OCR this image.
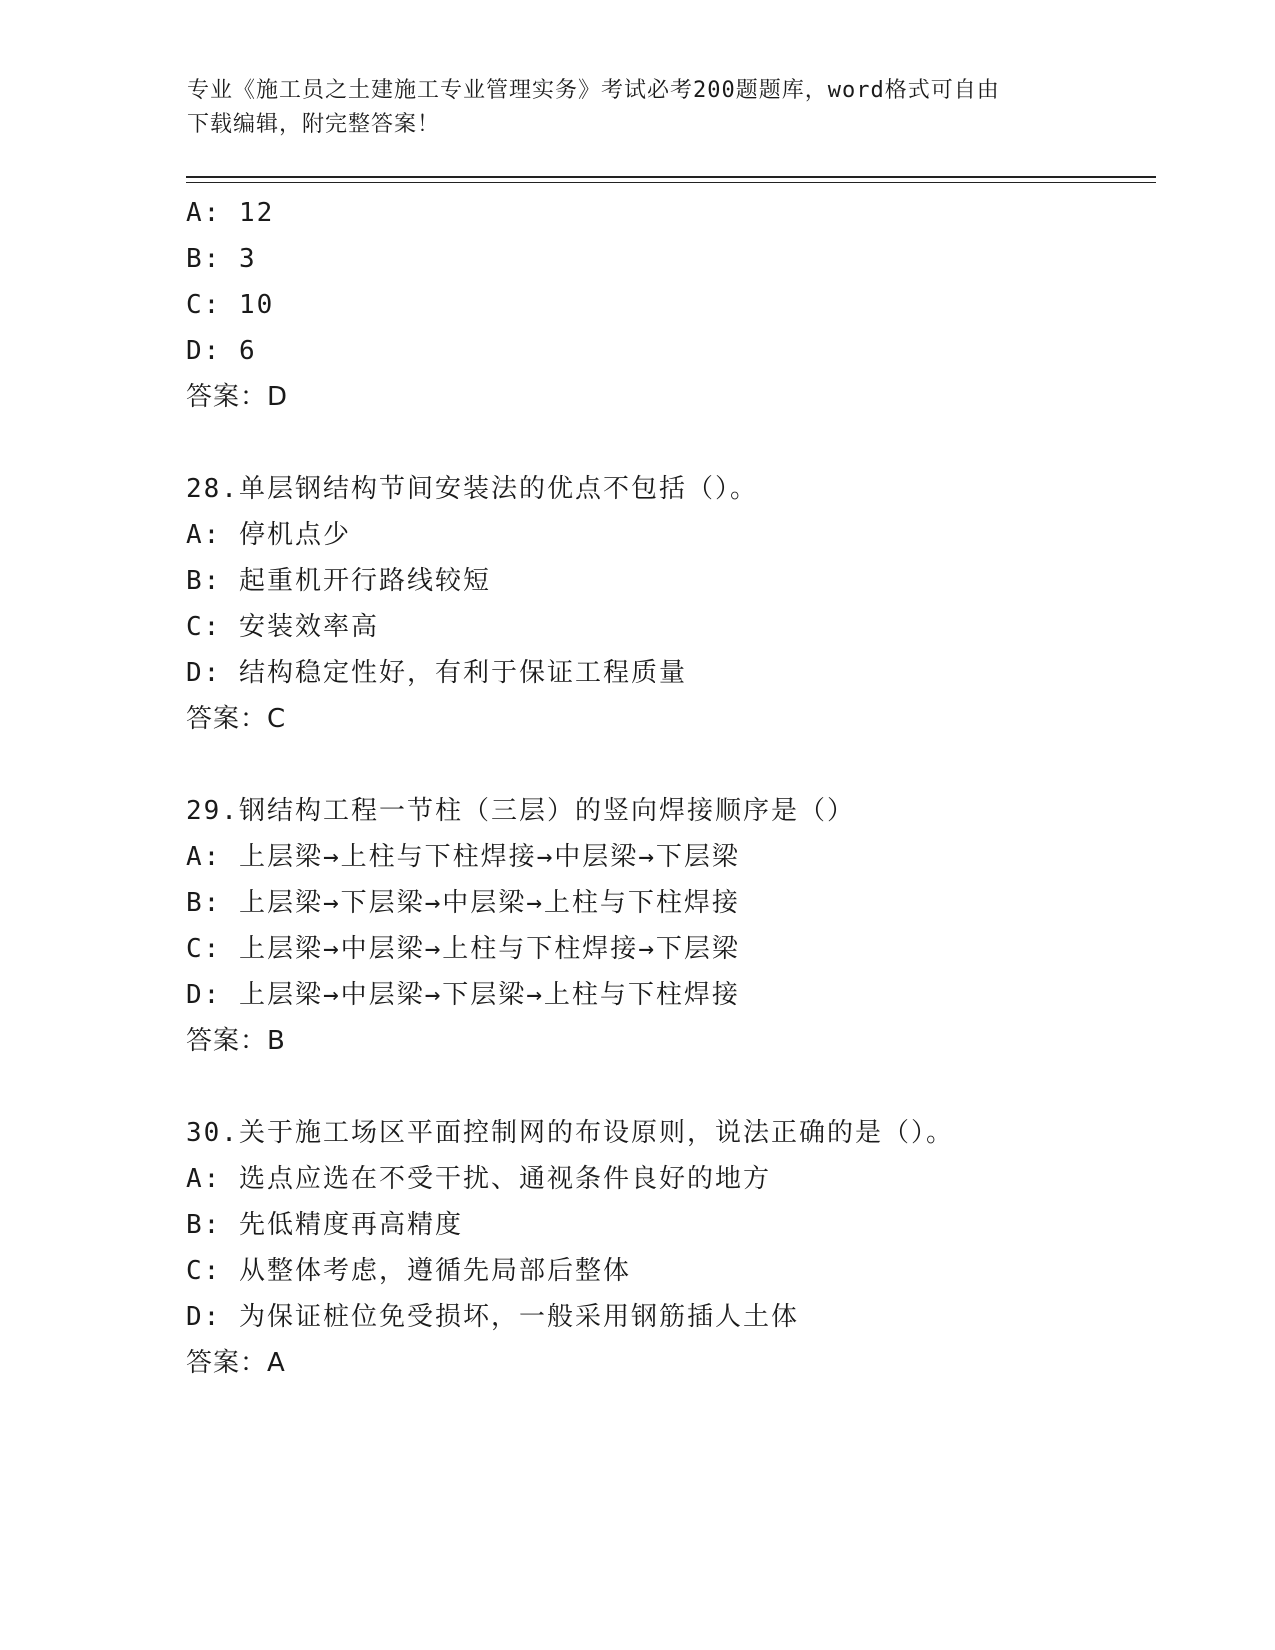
专业《施工员之土建施工专业管理实务》考试必考200题题库，word格式可自由
下载编辑，附完整答案！
A: 12
B: 3
C: 10
D: 6
答案：D
28.单层钢结构节间安装法的优点不包括（）。
A: 停机点少
B: 起重机开行路线较短
C: 安装效率高
D: 结构稳定性好，有利于保证工程质量
答案：C
29.钢结构工程一节柱（三层）的竖向焊接顺序是（）
A: 上层梁→上柱与下柱焊接→中层梁→下层梁
B: 上层梁→下层梁→中层梁→上柱与下柱焊接
C: 上层梁→中层梁→上柱与下柱焊接→下层梁
D: 上层梁→中层梁→下层梁→上柱与下柱焊接
答案：B
30.关于施工场区平面控制网的布设原则，说法正确的是（）。
A: 选点应选在不受干扰、通视条件良好的地方
B: 先低精度再高精度
C: 从整体考虑，遵循先局部后整体
D: 为保证桩位免受损坏，一般采用钢筋插人土体
答案：A
